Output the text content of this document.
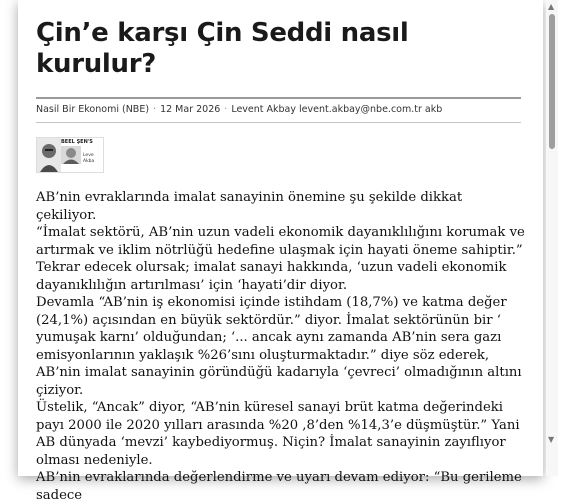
Çin’e karşı Çin Seddi nasıl kurulur?
Nasil Bir Ekonomi (NBE) · 12 Mar 2026 · Levent Akbay levent.akbay@nbe.com.tr akb
BEEL ŞEN'S
Leve
Akba

AB’nin evraklarında imalat sanayinin önemine şu şekilde dikkat çekiliyor.

“İmalat sektörü, AB’nin uzun vadeli ekonomik dayanıklılığını korumak ve artırmak ve iklim nötrlüğü hedefine ulaşmak için hayati öneme sahiptir.”

Tekrar edecek olursak; imalat sanayi hakkında, ‘uzun vadeli ekonomik dayanıklılığın artırılması’ için ‘hayati’dir diyor.

Devamla “AB’nin iş ekonomisi içinde istihdam (18,7%) ve katma değer (24,1%) açısından en büyük sektördür.” diyor. İmalat sektörünün bir ‘ yumuşak karnı’ olduğundan; ‘... ancak aynı zamanda AB’nin sera gazı emisyonlarının yaklaşık %26’sını oluşturmaktadır.” diye söz ederek, AB’nin imalat sanayinin göründüğü kadarıyla ‘çevreci’ olmadığının altını çiziyor.

Üstelik, “Ancak” diyor, “AB’nin küresel sanayi brüt katma değerindeki payı 2000 ile 2020 yılları arasında %20 ,8’den %14,3’e düşmüştür.” Yani AB dünyada ‘mevzi’ kaybediyormuş. Niçin? İmalat sanayinin zayıflıyor olması nedeniyle.

AB’nin evraklarında değerlendirme ve uyarı devam ediyor: “Bu gerileme sadece

▲
▼
